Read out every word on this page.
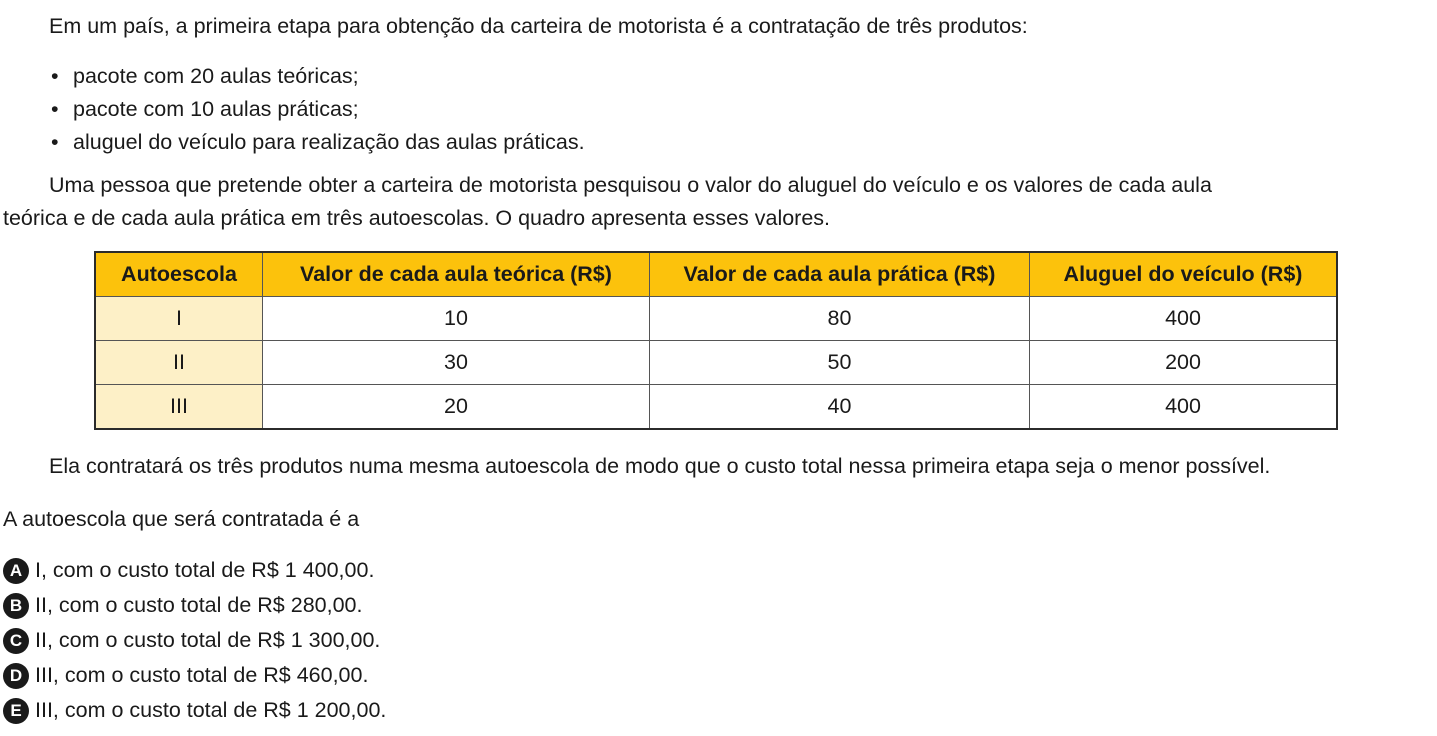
Em um país, a primeira etapa para obtenção da carteira de motorista é a contratação de três produtos:
• pacote com 20 aulas teóricas;
• pacote com 10 aulas práticas;
• aluguel do veículo para realização das aulas práticas.
Uma pessoa que pretende obter a carteira de motorista pesquisou o valor do aluguel do veículo e os valores de cada aula
teórica e de cada aula prática em três autoescolas. O quadro apresenta esses valores.
Autoescola	Valor de cada aula teórica (R$)	Valor de cada aula prática (R$)	Aluguel do veículo (R$)
I	10	80	400
II	30	50	200
III	20	40	400
Ela contratará os três produtos numa mesma autoescola de modo que o custo total nessa primeira etapa seja o menor possível.
A autoescola que será contratada é a
A I, com o custo total de R$ 1 400,00.
B II, com o custo total de R$ 280,00.
C II, com o custo total de R$ 1 300,00.
D III, com o custo total de R$ 460,00.
E III, com o custo total de R$ 1 200,00.
